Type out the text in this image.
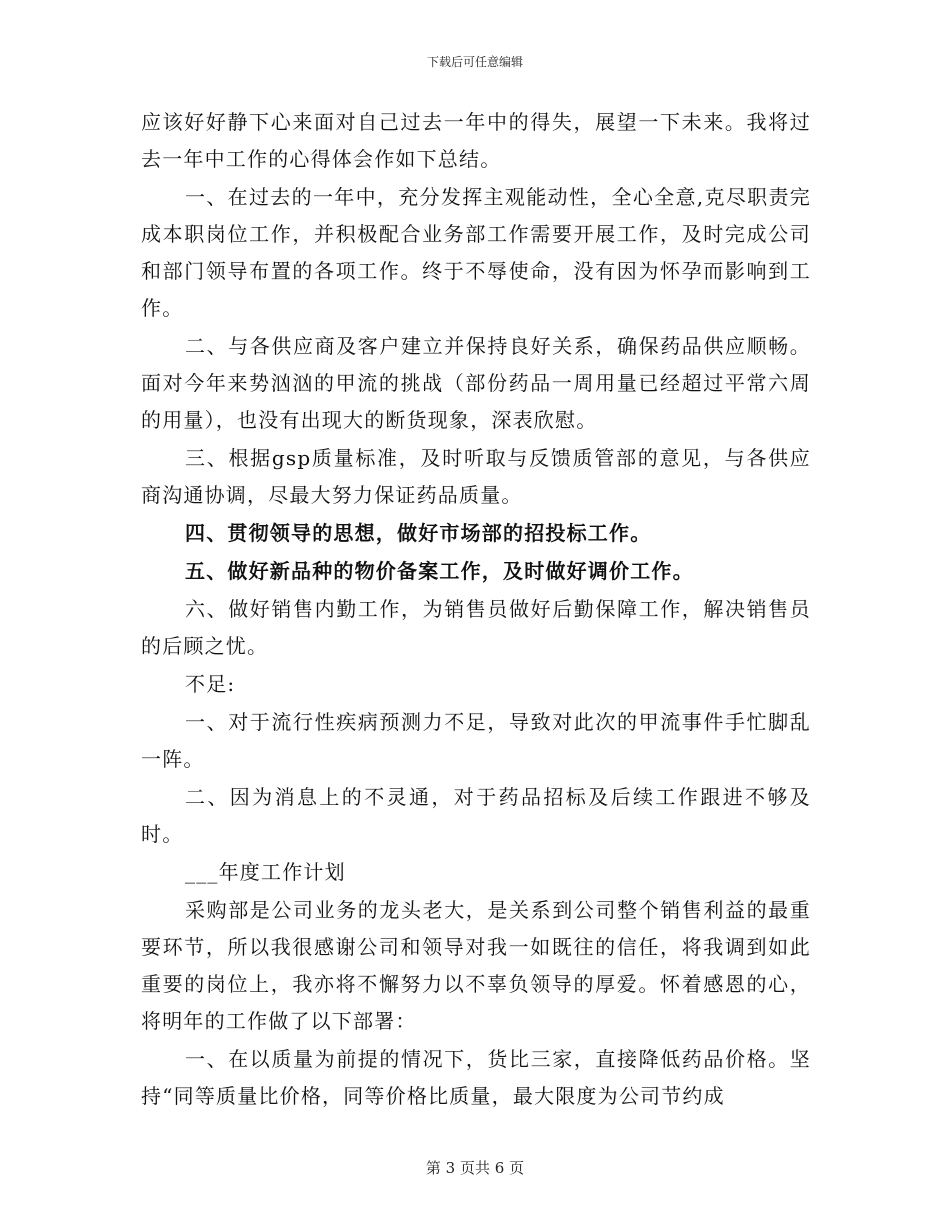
下载后可任意编辑

应该好好静下心来面对自己过去一年中的得失，展望一下未来。我将过去一年中工作的心得体会作如下总结。

一、在过去的一年中，充分发挥主观能动性，全心全意,克尽职责完成本职岗位工作，并积极配合业务部工作需要开展工作，及时完成公司和部门领导布置的各项工作。终于不辱使命，没有因为怀孕而影响到工作。

二、与各供应商及客户建立并保持良好关系，确保药品供应顺畅。面对今年来势汹汹的甲流的挑战（部份药品一周用量已经超过平常六周的用量），也没有出现大的断货现象，深表欣慰。

三、根据gsp质量标准，及时听取与反馈质管部的意见，与各供应商沟通协调，尽最大努力保证药品质量。

四、贯彻领导的思想，做好市场部的招投标工作。

五、做好新品种的物价备案工作，及时做好调价工作。

六、做好销售内勤工作，为销售员做好后勤保障工作，解决销售员的后顾之忧。

不足:

一、对于流行性疾病预测力不足，导致对此次的甲流事件手忙脚乱一阵。

二、因为消息上的不灵通，对于药品招标及后续工作跟进不够及时。

___年度工作计划

采购部是公司业务的龙头老大，是关系到公司整个销售利益的最重要环节，所以我很感谢公司和领导对我一如既往的信任，将我调到如此重要的岗位上，我亦将不懈努力以不辜负领导的厚爱。怀着感恩的心，将明年的工作做了以下部署：

一、在以质量为前提的情况下，货比三家，直接降低药品价格。坚持“同等质量比价格，同等价格比质量，最大限度为公司节约成

第 3 页共 6 页
